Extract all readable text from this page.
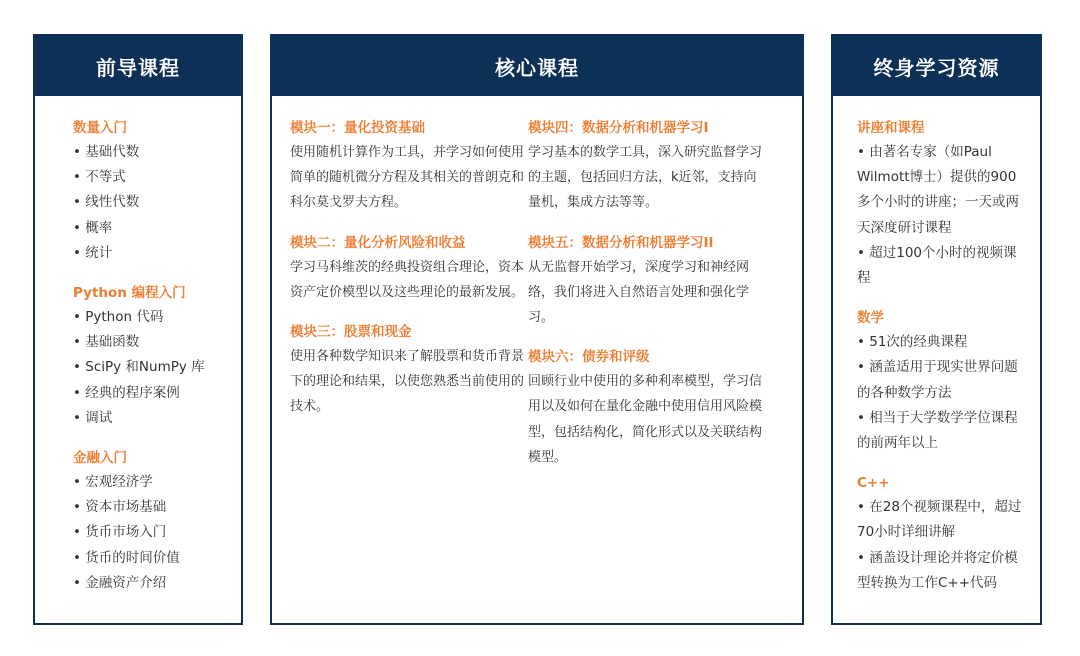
前导课程
数量入门
• 基础代数
• 不等式
• 线性代数
• 概率
• 统计
Python 编程入门
• Python 代码
• 基础函数
• SciPy 和NumPy 库
• 经典的程序案例
• 调试
金融入门
• 宏观经济学
• 资本市场基础
• 货币市场入门
• 货币的时间价值
• 金融资产介绍
核心课程
模块一：量化投资基础
使用随机计算作为工具，并学习如何使用简单的随机微分方程及其相关的普朗克和科尔莫戈罗夫方程。
模块二：量化分析风险和收益
学习马科维茨的经典投资组合理论，资本资产定价模型以及这些理论的最新发展。
模块三：股票和现金
使用各种数学知识来了解股票和货币背景下的理论和结果，以使您熟悉当前使用的技术。
模块四：数据分析和机器学习I
学习基本的数学工具，深入研究监督学习的主题，包括回归方法，k近邻，支持向量机，集成方法等等。
模块五：数据分析和机器学习II
从无监督开始学习，深度学习和神经网络，我们将进入自然语言处理和强化学习。
模块六：债券和评级
回顾行业中使用的多种利率模型，学习信用以及如何在量化金融中使用信用风险模型，包括结构化，简化形式以及关联结构模型。
终身学习资源
讲座和课程
• 由著名专家（如Paul Wilmott博士）提供的900多个小时的讲座；一天或两天深度研讨课程
• 超过100个小时的视频课程
数学
• 51次的经典课程
• 涵盖适用于现实世界问题的各种数学方法
• 相当于大学数学学位课程的前两年以上
C++
• 在28个视频课程中，超过70小时详细讲解
• 涵盖设计理论并将定价模型转换为工作C++代码
